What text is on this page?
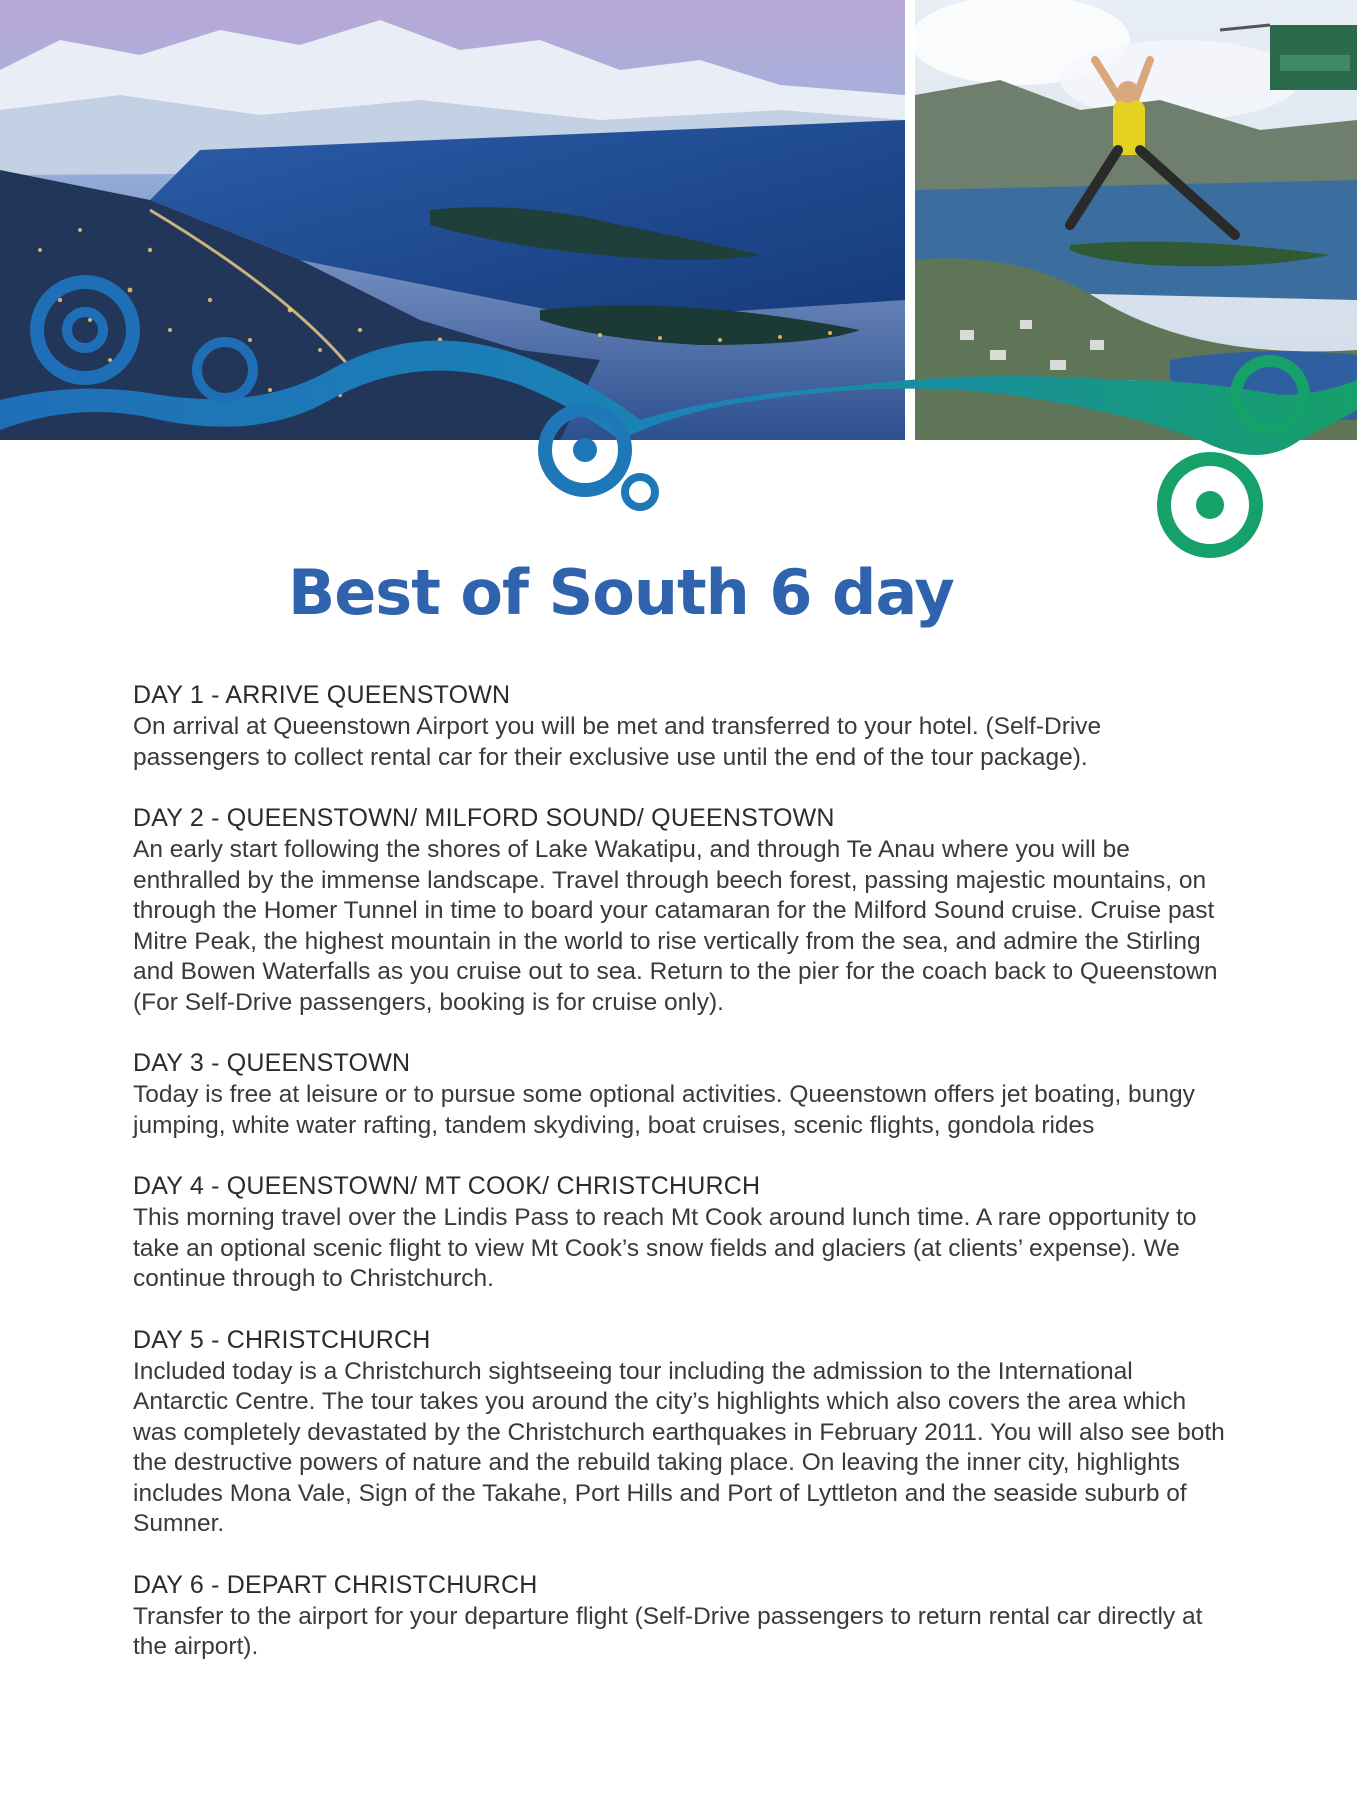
Best of South 6 day
DAY 1 - ARRIVE QUEENSTOWN

On arrival at Queenstown Airport you will be met and transferred to your hotel. (Self-Drive passengers to collect rental car for their exclusive use until the end of the tour package).

DAY 2 - QUEENSTOWN/ MILFORD SOUND/ QUEENSTOWN

An early start following the shores of Lake Wakatipu, and through Te Anau where you will be enthralled by the immense landscape. Travel through beech forest, passing majestic mountains, on through the Homer Tunnel in time to board your catamaran for the Milford Sound cruise. Cruise past Mitre Peak, the highest mountain in the world to rise vertically from the sea, and admire the Stirling and Bowen Waterfalls as you cruise out to sea. Return to the pier for the coach back to Queenstown (For Self-Drive passengers, booking is for cruise only).

DAY 3 - QUEENSTOWN

Today is free at leisure or to pursue some optional activities. Queenstown offers jet boating, bungy jumping, white water rafting, tandem skydiving, boat cruises, scenic flights, gondola rides

DAY 4 - QUEENSTOWN/ MT COOK/ CHRISTCHURCH

This morning travel over the Lindis Pass to reach Mt Cook around lunch time. A rare opportunity to take an optional scenic flight to view Mt Cook’s snow fields and glaciers (at clients’ expense). We continue through to Christchurch.

DAY 5 - CHRISTCHURCH

Included today is a Christchurch sightseeing tour including the admission to the International Antarctic Centre. The tour takes you around the city’s highlights which also covers the area which was completely devastated by the Christchurch earthquakes in February 2011. You will also see both the destructive powers of nature and the rebuild taking place. On leaving the inner city, highlights includes Mona Vale, Sign of the Takahe, Port Hills and Port of Lyttleton and the seaside suburb of Sumner.

DAY 6 - DEPART CHRISTCHURCH

Transfer to the airport for your departure flight (Self-Drive passengers to return rental car directly at the airport).
